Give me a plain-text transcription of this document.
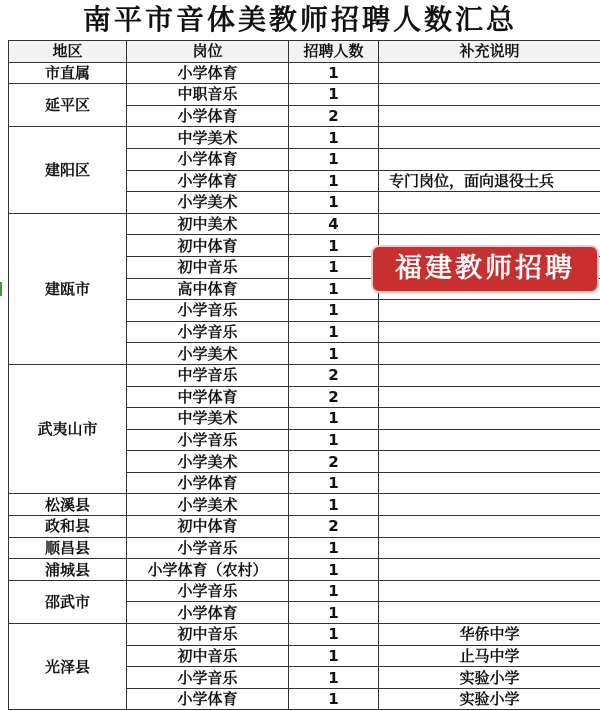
南平市音体美教师招聘人数汇总
地区	岗位	招聘人数	补充说明
市直属	小学体育	1	
延平区	中职音乐	1	
	小学体育	2	
建阳区	中学美术	1	
	小学体育	1	
	小学体育	1	专门岗位，面向退役士兵
	小学美术	1	
建瓯市	初中美术	4	
	初中体育	1	
	初中音乐	1	
	高中体育	1	
	小学音乐	1	
	小学音乐	1	
	小学美术	1	
武夷山市	中学音乐	2	
	中学体育	2	
	中学美术	1	
	小学音乐	1	
	小学美术	2	
	小学体育	1	
松溪县	小学美术	1	
政和县	初中体育	2	
顺昌县	小学音乐	1	
浦城县	小学体育（农村）	1	
邵武市	小学音乐	1	
	小学体育	1	
光泽县	初中音乐	1	华侨中学
	初中音乐	1	止马中学
	小学音乐	1	实验小学
	小学体育	1	实验小学
福建教师招聘
